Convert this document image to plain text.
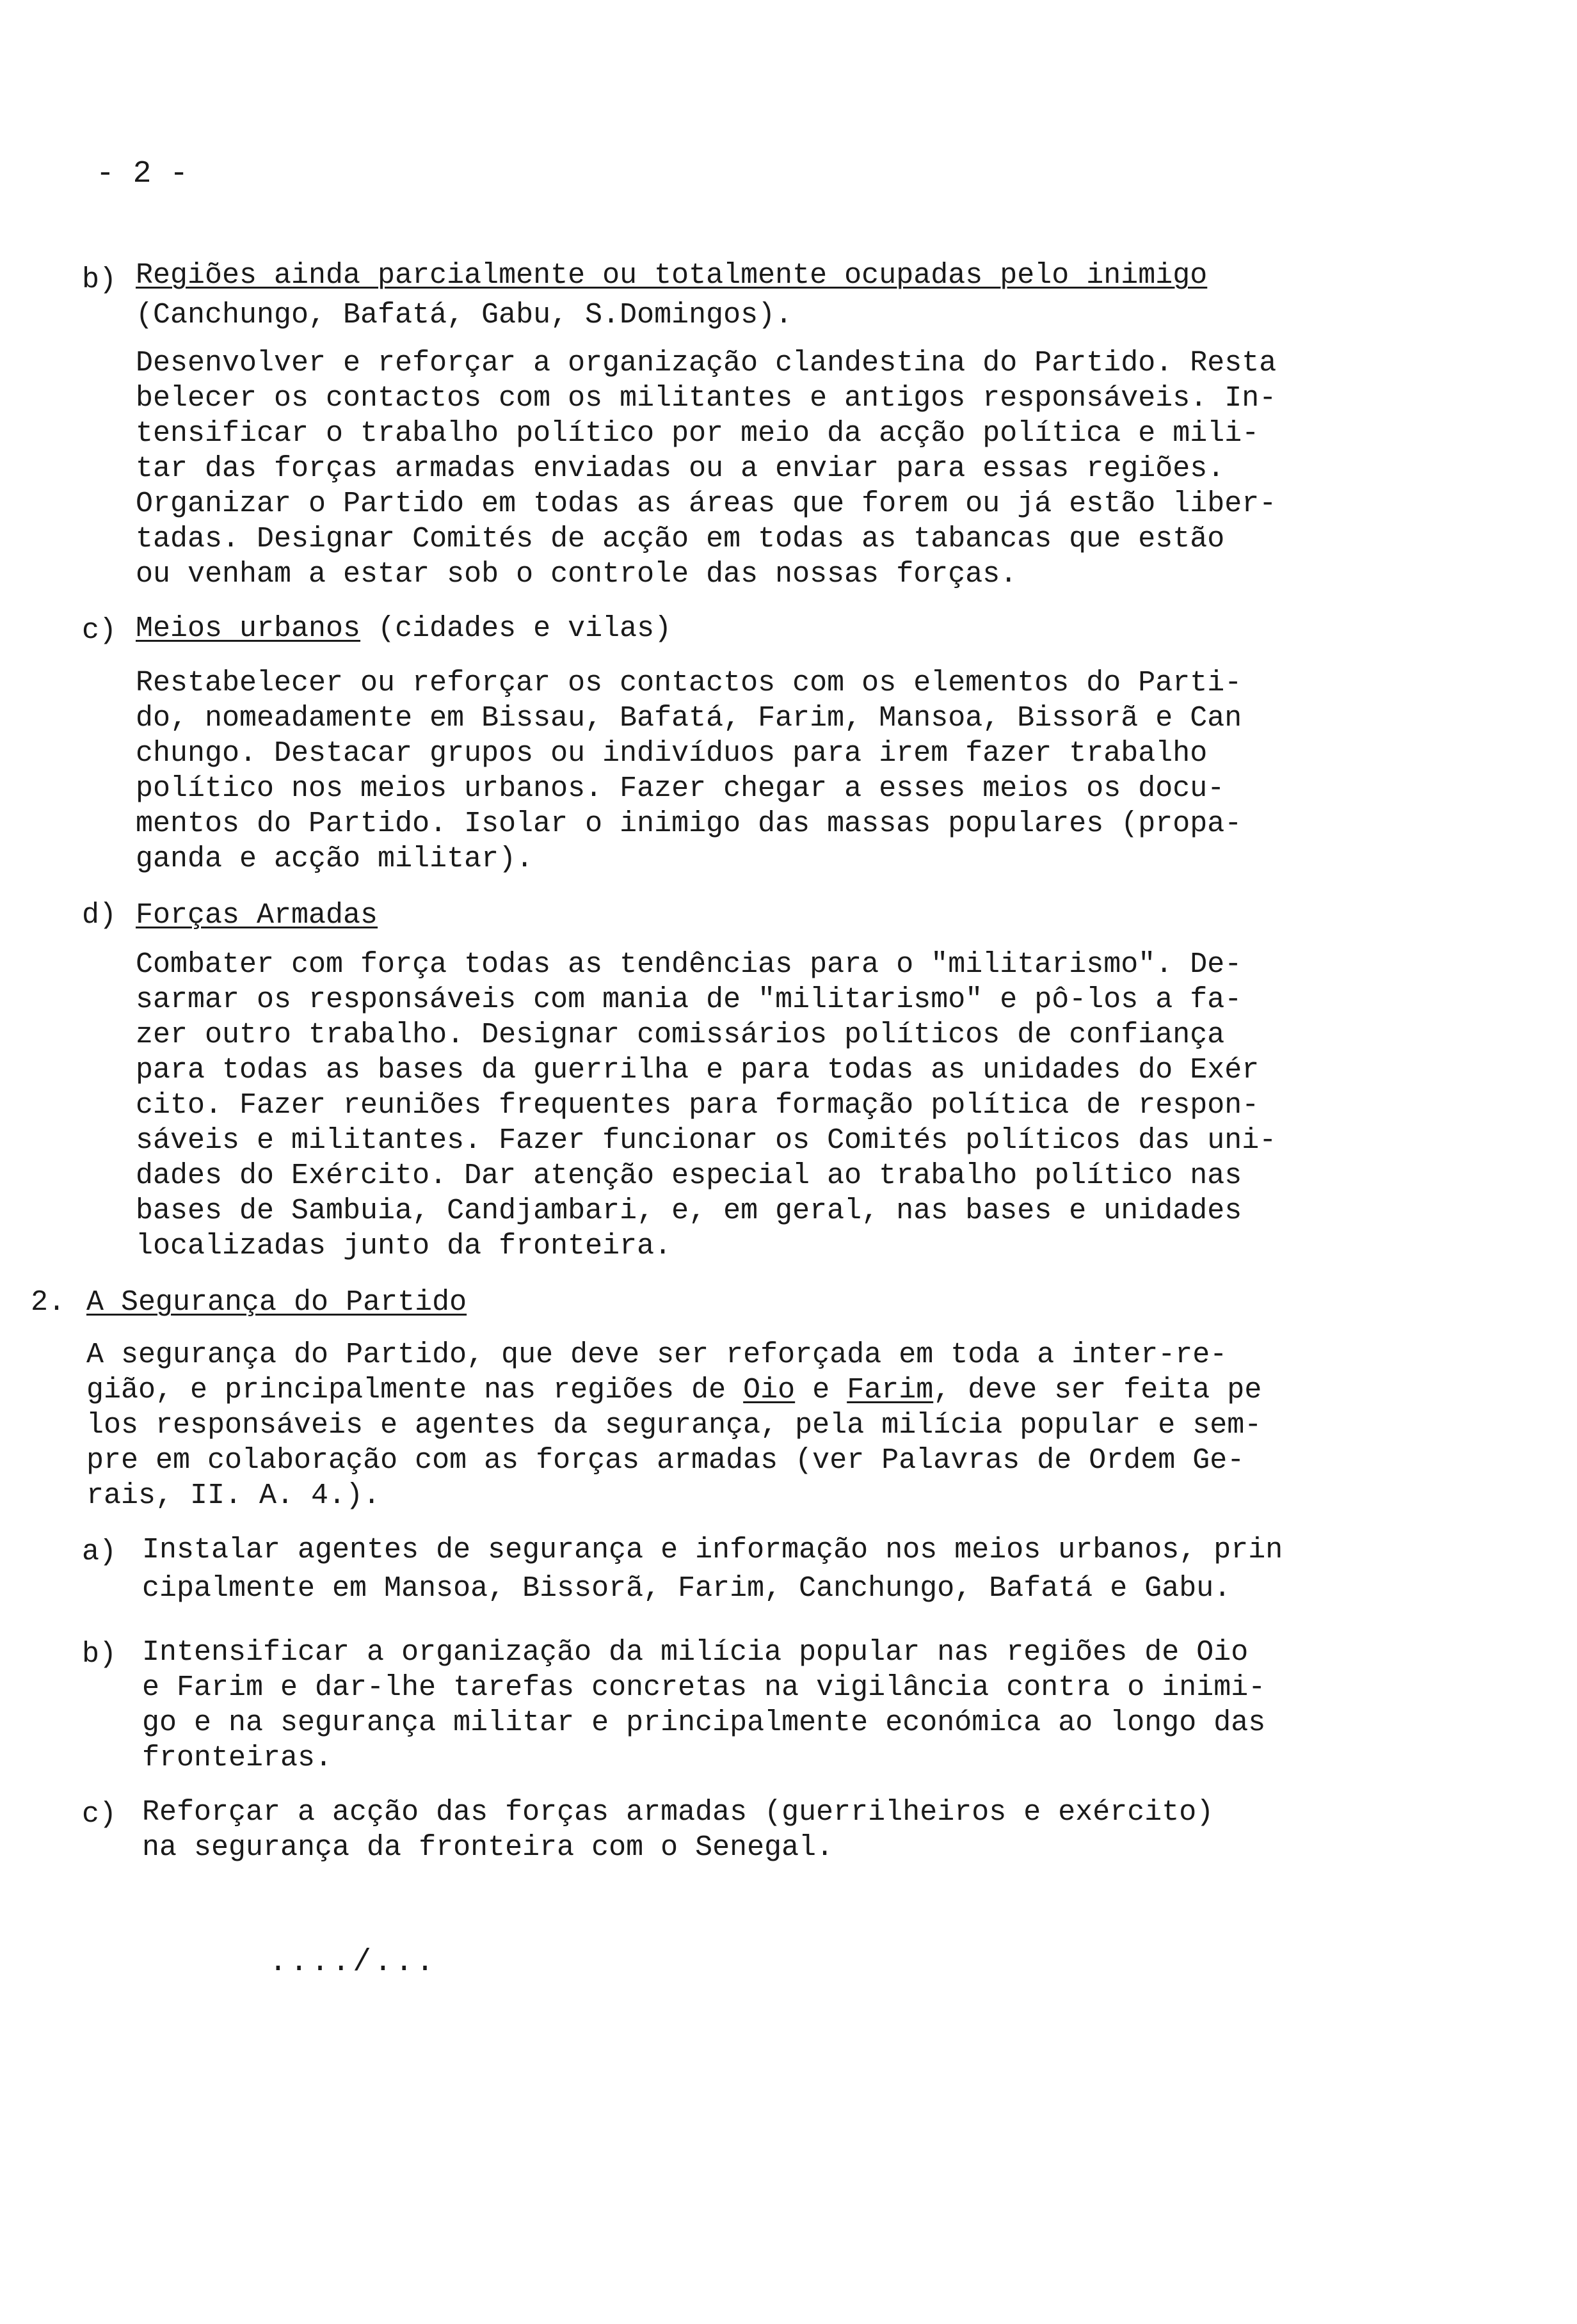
- 2 -
b) Regiões ainda parcialmente ou totalmente ocupadas pelo inimigo
(Canchungo, Bafatá, Gabu, S.Domingos).
Desenvolver e reforçar a organização clandestina do Partido. Resta
belecer os contactos com os militantes e antigos responsáveis. In-
tensificar o trabalho político por meio da acção política e mili-
tar das forças armadas enviadas ou a enviar para essas regiões.
Organizar o Partido em todas as áreas que forem ou já estão liber-
tadas. Designar Comités de acção em todas as tabancas que estão
ou venham a estar sob o controle das nossas forças.
c) Meios urbanos (cidades e vilas)
Restabelecer ou reforçar os contactos com os elementos do Parti-
do, nomeadamente em Bissau, Bafatá, Farim, Mansoa, Bissorã e Can
chungo. Destacar grupos ou indivíduos para irem fazer trabalho
político nos meios urbanos. Fazer chegar a esses meios os docu-
mentos do Partido. Isolar o inimigo das massas populares (propa-
ganda e acção militar).
d) Forças Armadas
Combater com força todas as tendências para o "militarismo". De-
sarmar os responsáveis com mania de "militarismo" e pô-los a fa-
zer outro trabalho. Designar comissários políticos de confiança
para todas as bases da guerrilha e para todas as unidades do Exér
cito. Fazer reuniões frequentes para formação política de respon-
sáveis e militantes. Fazer funcionar os Comités políticos das uni-
dades do Exército. Dar atenção especial ao trabalho político nas
bases de Sambuia, Candjambari, e, em geral, nas bases e unidades
localizadas junto da fronteira.
2. A Segurança do Partido
A segurança do Partido, que deve ser reforçada em toda a inter-re-
gião, e principalmente nas regiões de Oio e Farim, deve ser feita pe
los responsáveis e agentes da segurança, pela milícia popular e sem-
pre em colaboração com as forças armadas (ver Palavras de Ordem Ge-
rais, II. A. 4.).
a) Instalar agentes de segurança e informação nos meios urbanos, prin
cipalmente em Mansoa, Bissorã, Farim, Canchungo, Bafatá e Gabu.
b) Intensificar a organização da milícia popular nas regiões de Oio
e Farim e dar-lhe tarefas concretas na vigilância contra o inimi-
go e na segurança militar e principalmente económica ao longo das
fronteiras.
c) Reforçar a acção das forças armadas (guerrilheiros e exército)
na segurança da fronteira com o Senegal.
..../...
